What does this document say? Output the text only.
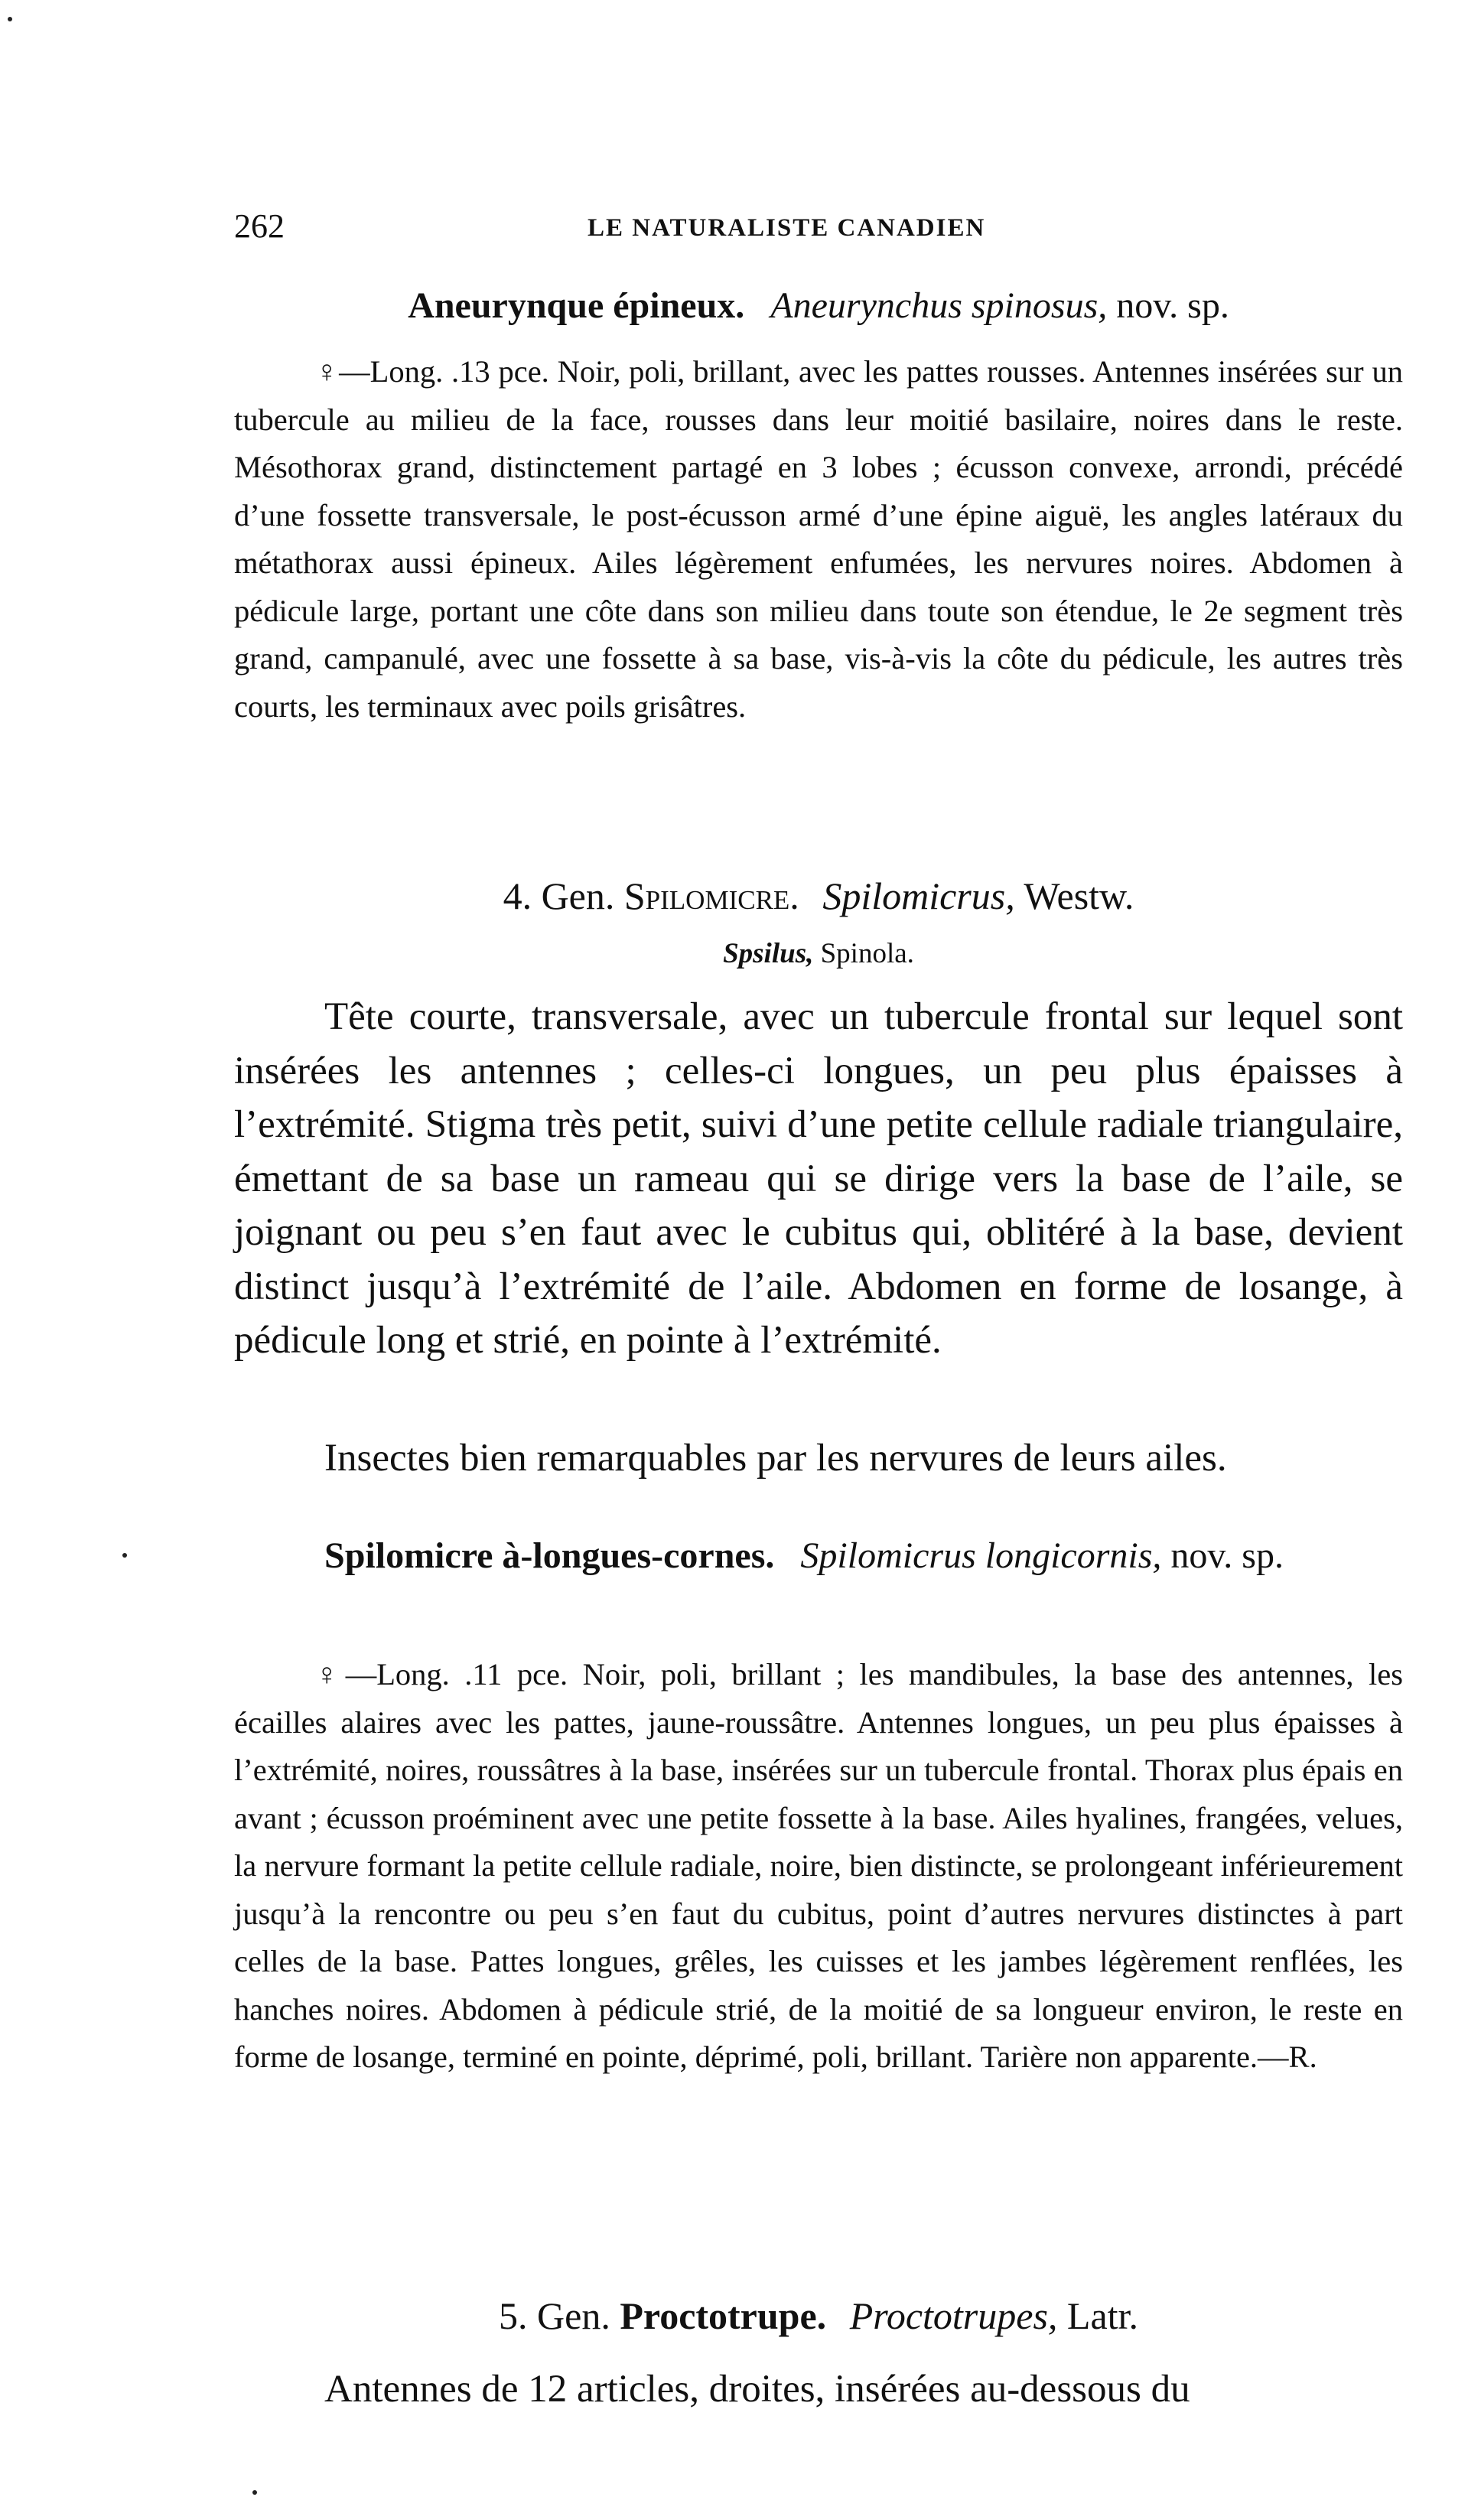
262	LE NATURALISTE CANADIEN
Aneurynque épineux. Aneurynchus spinosus, nov. sp.

♀—Long. .13 pce. Noir, poli, brillant, avec les pattes rousses. Antennes insérées sur un tubercule au milieu de la face, rousses dans leur moitié basilaire, noires dans le reste. Mésothorax grand, distinctement partagé en 3 lobes ; écusson convexe, arrondi, précédé d’une fossette transversale, le post-écusson armé d’une épine aiguë, les angles latéraux du métathorax aussi épineux. Ailes légèrement enfumées, les nervures noires. Abdomen à pédicule large, portant une côte dans son milieu dans toute son étendue, le 2e segment très grand, campanulé, avec une fossette à sa base, vis-à-vis la côte du pédicule, les autres très courts, les terminaux avec poils grisâtres.

4. Gen. Spilomicre. Spilomicrus, Westw.
Spsilus, Spinola.

Tête courte, transversale, avec un tubercule frontal sur lequel sont insérées les antennes ; celles-ci longues, un peu plus épaisses à l’extrémité. Stigma très petit, suivi d’une petite cellule radiale triangulaire, émettant de sa base un rameau qui se dirige vers la base de l’aile, se joignant ou peu s’en faut avec le cubitus qui, oblitéré à la base, devient distinct jusqu’à l’extrémité de l’aile. Abdomen en forme de losange, à pédicule long et strié, en pointe à l’extrémité.

Insectes bien remarquables par les nervures de leurs ailes.

Spilomicre à-longues-cornes. Spilomicrus longicornis, nov. sp.

♀—Long. .11 pce. Noir, poli, brillant ; les mandibules, la base des antennes, les écailles alaires avec les pattes, jaune-roussâtre. Antennes longues, un peu plus épaisses à l’extrémité, noires, roussâtres à la base, insérées sur un tubercule frontal. Thorax plus épais en avant ; écusson proéminent avec une petite fossette à la base. Ailes hyalines, frangées, velues, la nervure formant la petite cellule radiale, noire, bien distincte, se prolongeant inférieurement jusqu’à la rencontre ou peu s’en faut du cubitus, point d’autres nervures distinctes à part celles de la base. Pattes longues, grêles, les cuisses et les jambes légèrement renflées, les hanches noires. Abdomen à pédicule strié, de la moitié de sa longueur environ, le reste en forme de losange, terminé en pointe, déprimé, poli, brillant. Tarière non apparente.—R.

5. Gen. Proctotrupe. Proctotrupes, Latr.

Antennes de 12 articles, droites, insérées au-dessous du
